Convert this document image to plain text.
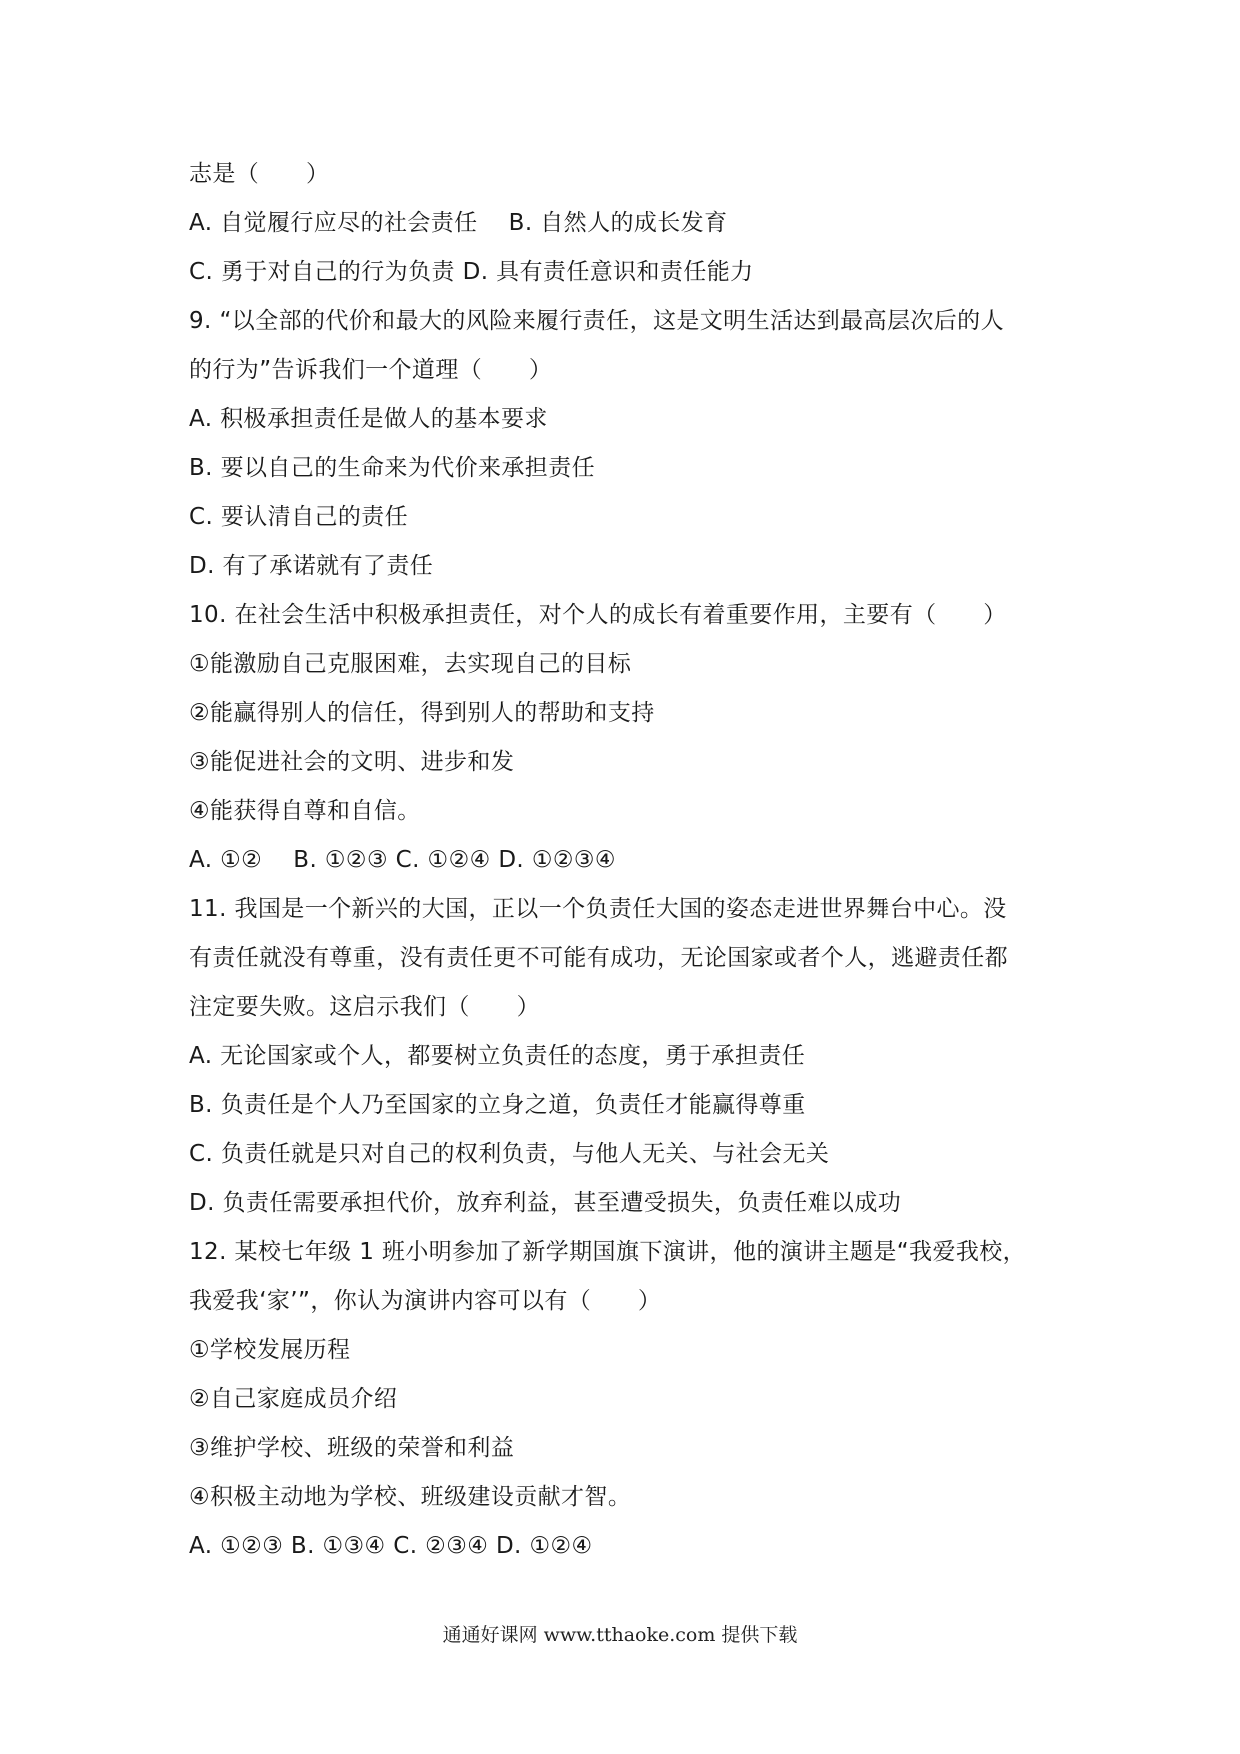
志是（　　）
A. 自觉履行应尽的社会责任　 B. 自然人的成长发育
C. 勇于对自己的行为负责 D. 具有责任意识和责任能力
9. “以全部的代价和最大的风险来履行责任，这是文明生活达到最高层次后的人
的行为”告诉我们一个道理（　　）
A. 积极承担责任是做人的基本要求
B. 要以自己的生命来为代价来承担责任
C. 要认清自己的责任
D. 有了承诺就有了责任
10. 在社会生活中积极承担责任，对个人的成长有着重要作用，主要有（　　）
①能激励自己克服困难，去实现自己的目标
②能赢得别人的信任，得到别人的帮助和支持
③能促进社会的文明、进步和发
④能获得自尊和自信。
A. ①②　 B. ①②③ C. ①②④ D. ①②③④
11. 我国是一个新兴的大国，正以一个负责任大国的姿态走进世界舞台中心。没
有责任就没有尊重，没有责任更不可能有成功，无论国家或者个人，逃避责任都
注定要失败。这启示我们（　　）
A. 无论国家或个人，都要树立负责任的态度，勇于承担责任
B. 负责任是个人乃至国家的立身之道，负责任才能赢得尊重
C. 负责任就是只对自己的权利负责，与他人无关、与社会无关
D. 负责任需要承担代价，放弃利益，甚至遭受损失，负责任难以成功
12. 某校七年级 1 班小明参加了新学期国旗下演讲，他的演讲主题是“我爱我校，
我爱我‘家’”，你认为演讲内容可以有（　　）
①学校发展历程
②自己家庭成员介绍
③维护学校、班级的荣誉和利益
④积极主动地为学校、班级建设贡献才智。
A. ①②③ B. ①③④ C. ②③④ D. ①②④
通通好课网 www.tthaoke.com 提供下载
